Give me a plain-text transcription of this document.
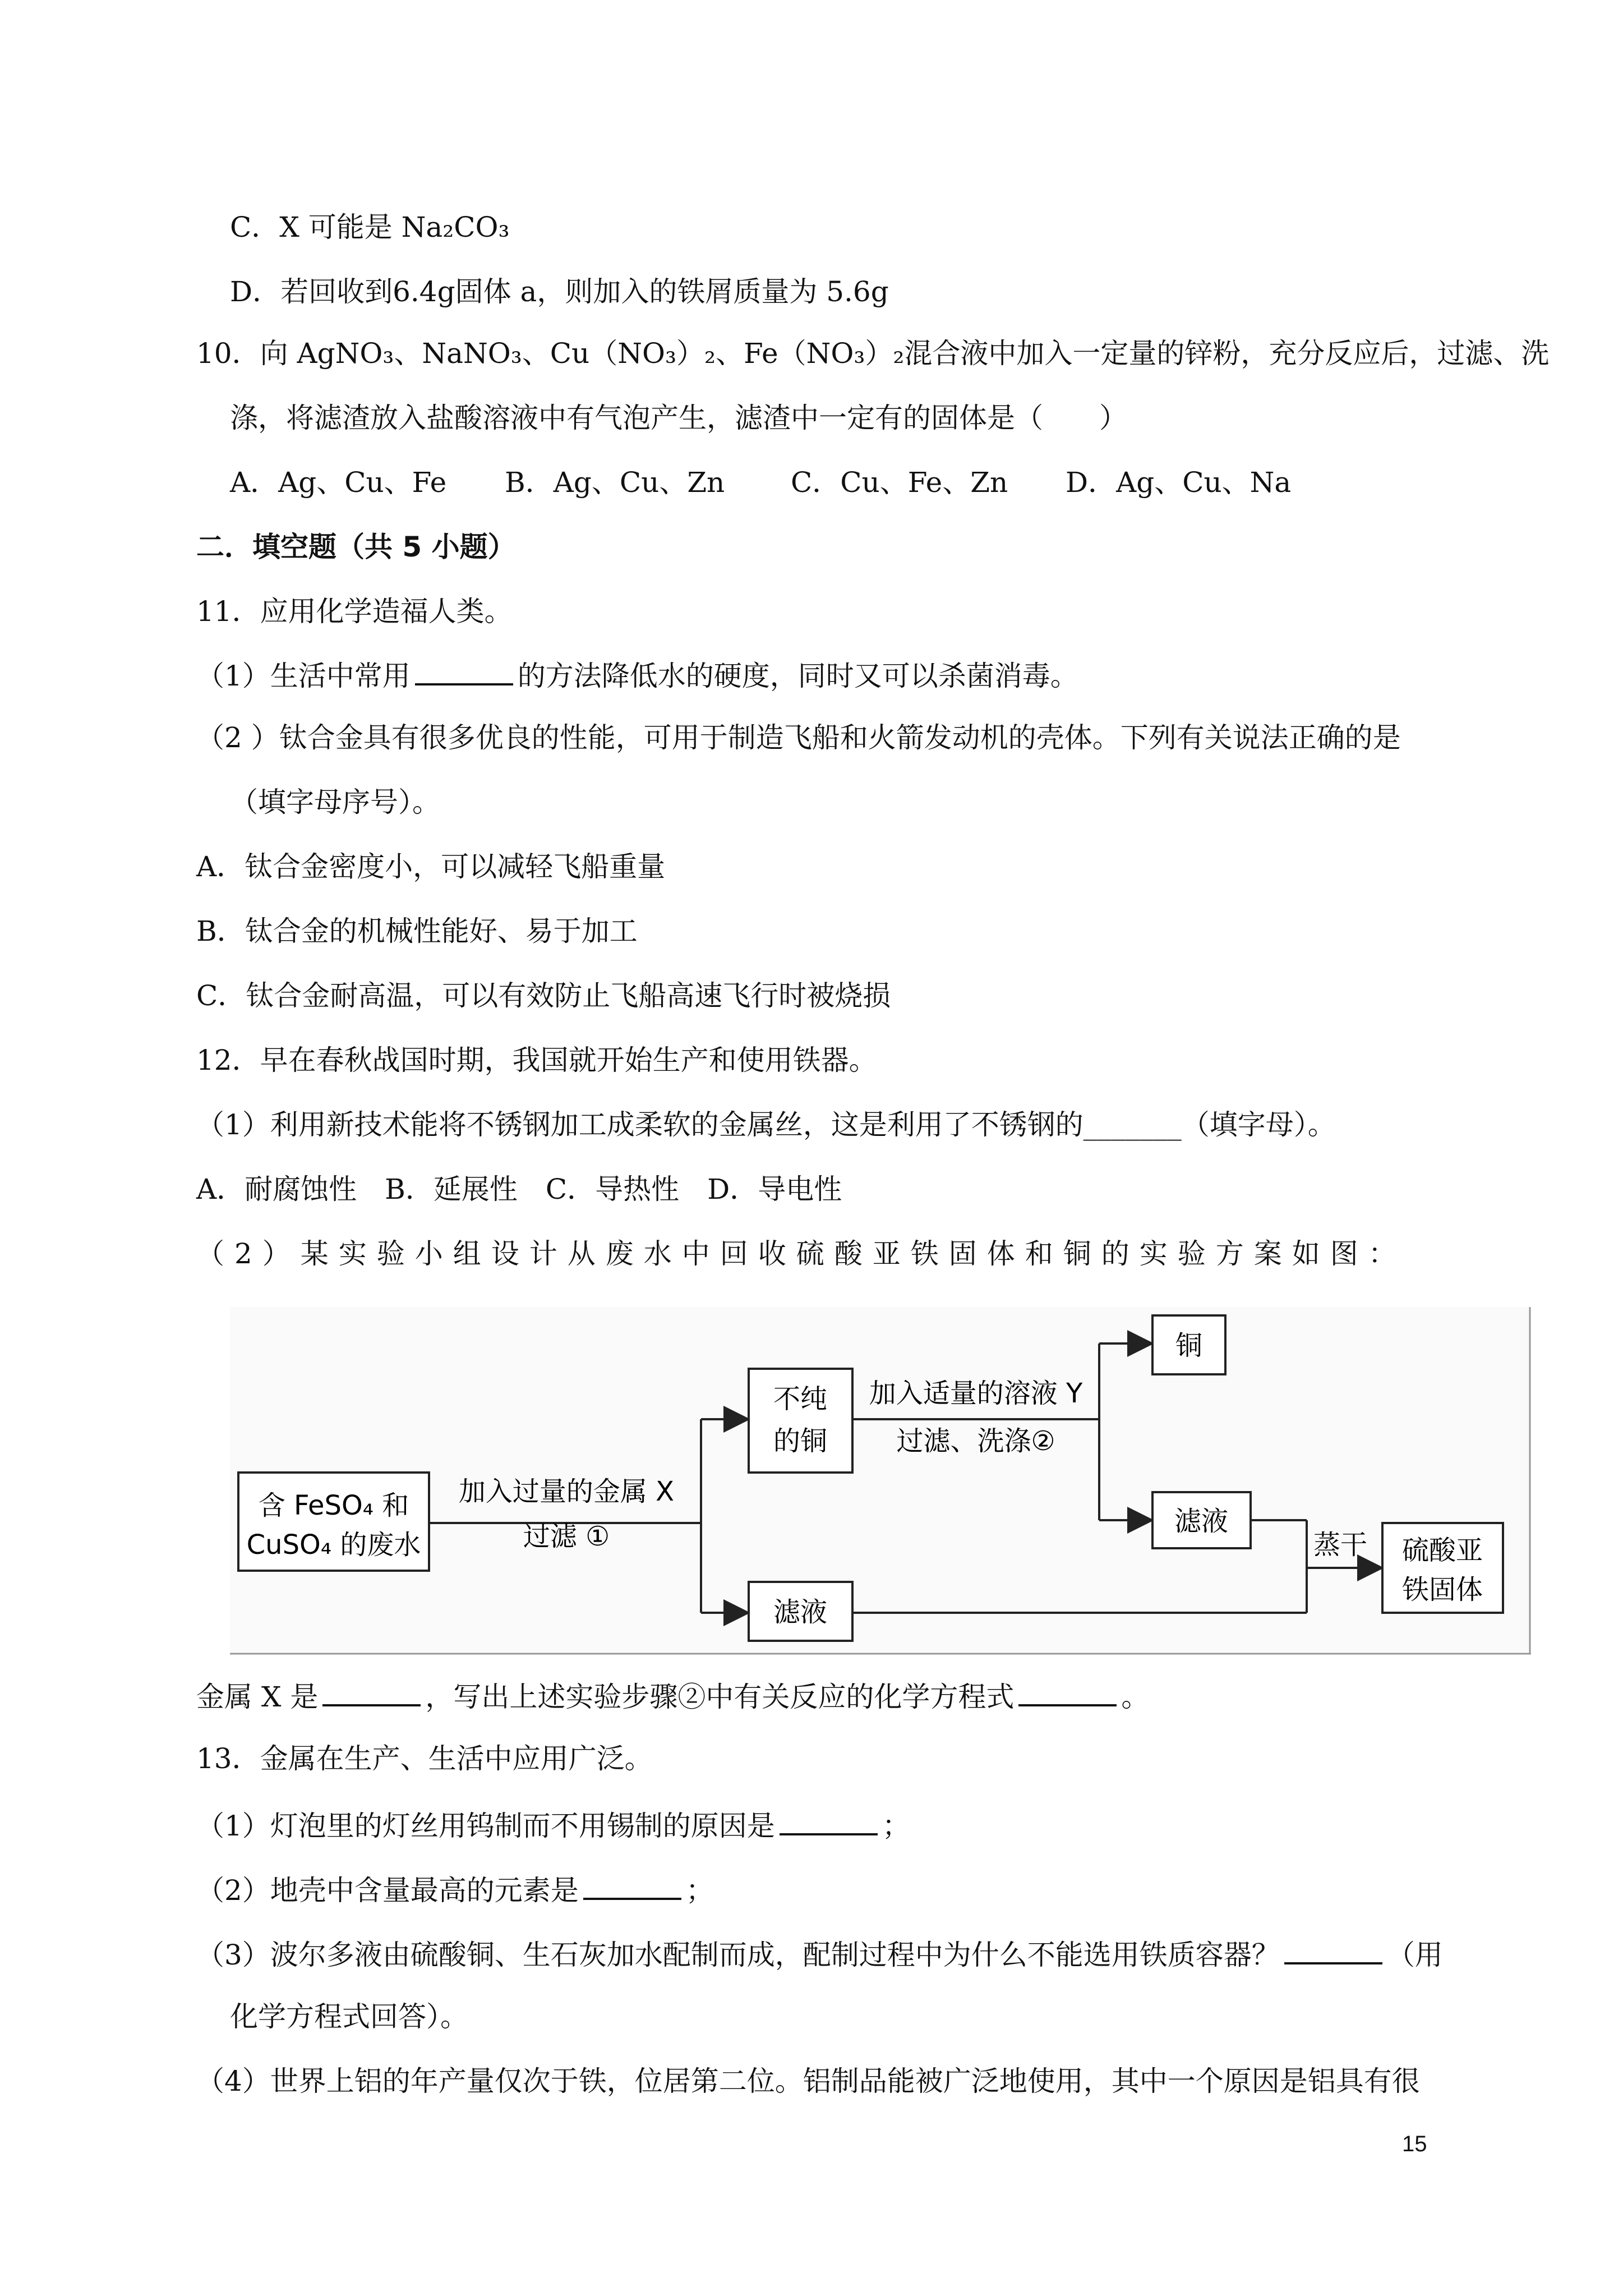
C．X 可能是 Na₂CO₃
D．若回收到6.4g固体 a，则加入的铁屑质量为 5.6g
10．向 AgNO₃、NaNO₃、Cu（NO₃）₂、Fe（NO₃）₂混合液中加入一定量的锌粉，充分反应后，过滤、洗
涤，将滤渣放入盐酸溶液中有气泡产生，滤渣中一定有的固体是（　　）
A．Ag、Cu、Fe B．Ag、Cu、Zn C．Cu、Fe、Zn D．Ag、Cu、Na
二．填空题（共 5 小题）
11．应用化学造福人类。
（1）生活中常用	的方法降低水的硬度，同时又可以杀菌消毒。
（2 ）钛合金具有很多优良的性能，可用于制造飞船和火箭发动机的壳体。下列有关说法正确的是
（填字母序号）。
A．钛合金密度小，可以减轻飞船重量
B．钛合金的机械性能好、易于加工
C．钛合金耐高温，可以有效防止飞船高速飞行时被烧损
12．早在春秋战国时期，我国就开始生产和使用铁器。
（1）利用新技术能将不锈钢加工成柔软的金属丝，这是利用了不锈钢的_______（填字母）。
A．耐腐蚀性　B．延展性　C．导热性　D．导电性
（2）某实验小组设计从废水中回收硫酸亚铁固体和铜的实验方案如图：
含 FeSO₄ 和
CuSO₄ 的废水
加入过量的金属 X
过滤 ①
不纯
的铜
滤液
加入适量的溶液 Y
过滤、洗涤②
铜
滤液
蒸干 硫酸亚
铁固体
金属 X 是	，写出上述实验步骤②中有关反应的化学方程式	。
13．金属在生产、生活中应用广泛。
（1）灯泡里的灯丝用钨制而不用锡制的原因是	；
（2）地壳中含量最高的元素是	；
（3）波尔多液由硫酸铜、生石灰加水配制而成，配制过程中为什么不能选用铁质容器？	（用
化学方程式回答）。
（4）世界上铝的年产量仅次于铁，位居第二位。铝制品能被广泛地使用，其中一个原因是铝具有很
15
